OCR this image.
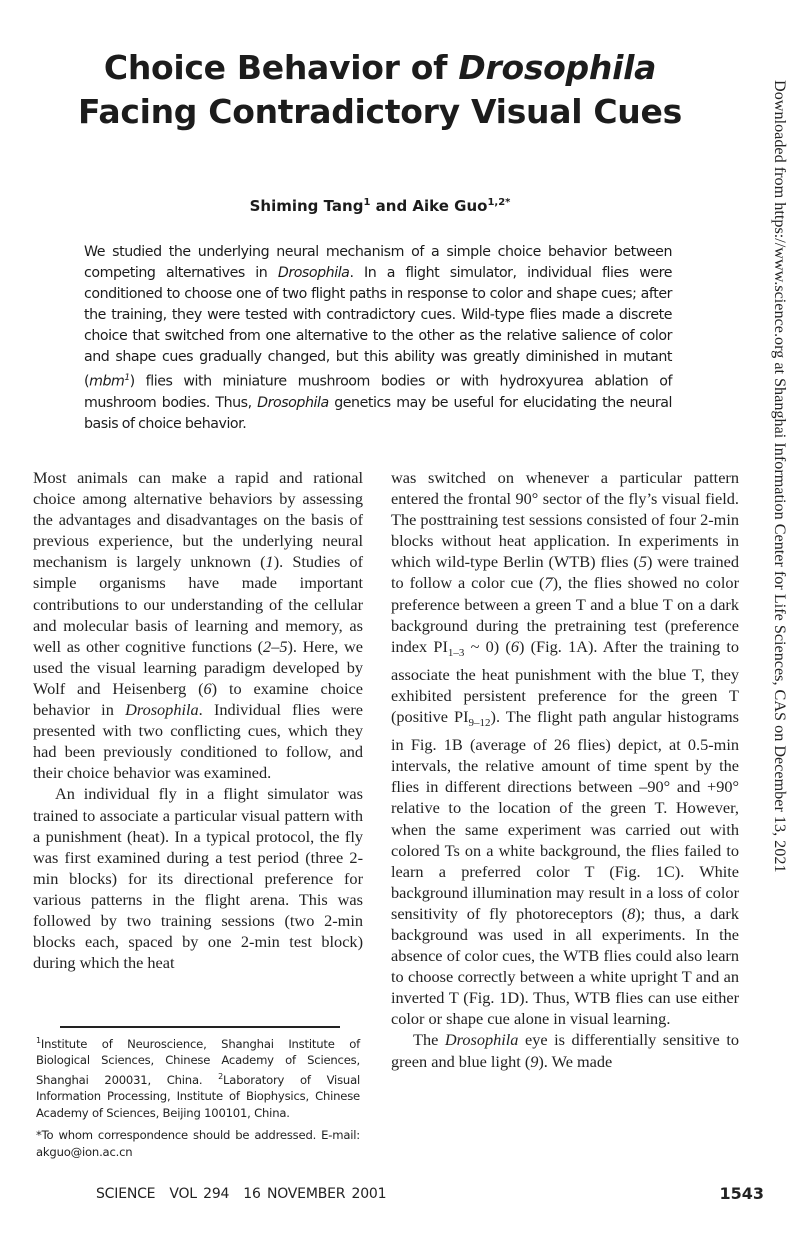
Choice Behavior of Drosophila Facing Contradictory Visual Cues
Shiming Tang$^1$ and Aike Guo$^{1,2*}$

We studied the underlying neural mechanism of a simple choice behavior between competing alternatives in Drosophila. In a flight simulator, individual flies were conditioned to choose one of two flight paths in response to color and shape cues; after the training, they were tested with contradictory cues. Wild-type flies made a discrete choice that switched from one alternative to the other as the relative salience of color and shape cues gradually changed, but this ability was greatly diminished in mutant (mbm$^1$) flies with miniature mushroom bodies or with hydroxyurea ablation of mushroom bodies. Thus, Drosophila genetics may be useful for elucidating the neural basis of choice behavior.

Most animals can make a rapid and rational choice among alternative behaviors by assessing the advantages and disadvantages on the basis of previous experience, but the underlying neural mechanism is largely unknown (1). Studies of simple organisms have made important contributions to our understanding of the cellular and molecular basis of learning and memory, as well as other cognitive functions (2–5). Here, we used the visual learning paradigm developed by Wolf and Heisenberg (6) to examine choice behavior in Drosophila. Individual flies were presented with two conflicting cues, which they had been previously conditioned to follow, and their choice behavior was examined.

An individual fly in a flight simulator was trained to associate a particular visual pattern with a punishment (heat). In a typical protocol, the fly was first examined during a test period (three 2-min blocks) for its directional preference for various patterns in the flight arena. This was followed by two training sessions (two 2-min blocks each, spaced by one 2-min test block) during which the heat

was switched on whenever a particular pattern entered the frontal 90° sector of the fly’s visual field. The posttraining test sessions consisted of four 2-min blocks without heat application. In experiments in which wild-type Berlin (WTB) flies (5) were trained to follow a color cue (7), the flies showed no color preference between a green T and a blue T on a dark background during the pretraining test (preference index $PI_{1-3}$ ~ 0) (6) (Fig. 1A). After the training to associate the heat punishment with the blue T, they exhibited persistent preference for the green T (positive $PI_{9-12}$). The flight path angular histograms in Fig. 1B (average of 26 flies) depict, at 0.5-min intervals, the relative amount of time spent by the flies in different directions between –90° and +90° relative to the location of the green T. However, when the same experiment was carried out with colored Ts on a white background, the flies failed to learn a preferred color T (Fig. 1C). White background illumination may result in a loss of color sensitivity of fly photoreceptors (8); thus, a dark background was used in all experiments. In the absence of color cues, the WTB flies could also learn to choose correctly between a white upright T and an inverted T (Fig. 1D). Thus, WTB flies can use either color or shape cue alone in visual learning.

The Drosophila eye is differentially sensitive to green and blue light (9). We made

$^1$Institute of Neuroscience, Shanghai Institute of Biological Sciences, Chinese Academy of Sciences, Shanghai 200031, China. $^2$Laboratory of Visual Information Processing, Institute of Biophysics, Chinese Academy of Sciences, Beijing 100101, China.

*To whom correspondence should be addressed. E-mail: akguo@ion.ac.cn

SCIENCE VOL 294 16 NOVEMBER 2001	1543
Downloaded from https://www.science.org at Shanghai Information Center for Life Sciences, CAS on December 13, 2021
